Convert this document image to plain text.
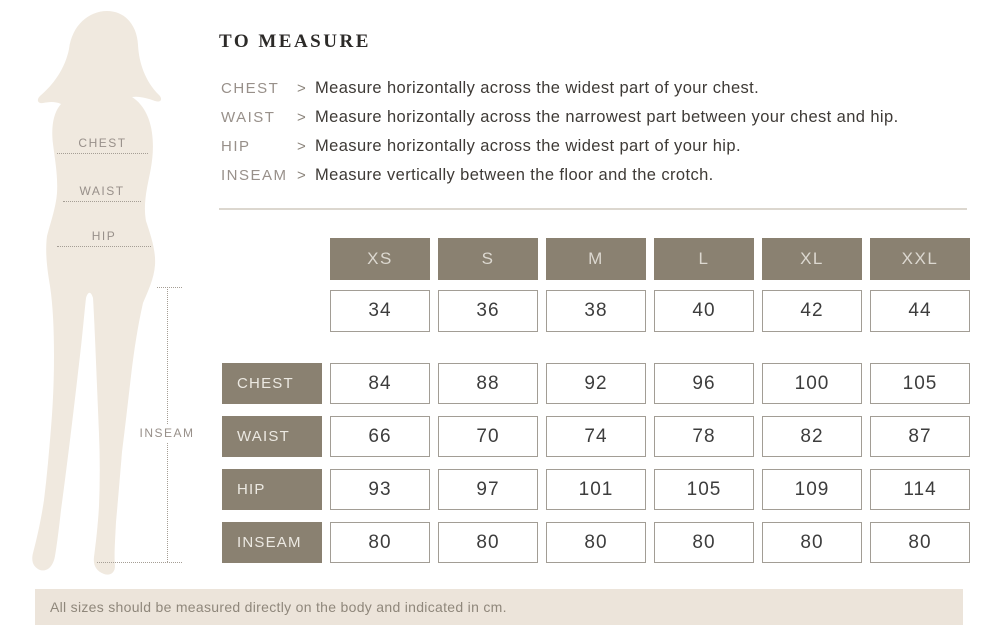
CHEST
WAIST
HIP
INSEAM
TO MEASURE
CHEST	> Measure horizontally across the widest part of your chest.
WAIST	> Measure horizontally across the narrowest part between your chest and hip.
HIP	> Measure horizontally across the widest part of your hip.
INSEAM > Measure vertically between the floor and the crotch.
XS	S	M	L	XL	XXL
34	36	38	40	42	44
CHEST	84	88	92	96	100	105
WAIST	66	70	74	78	82	87
HIP	93	97	101	105	109	114
INSEAM	80	80	80	80	80	80
All sizes should be measured directly on the body and indicated in cm.
